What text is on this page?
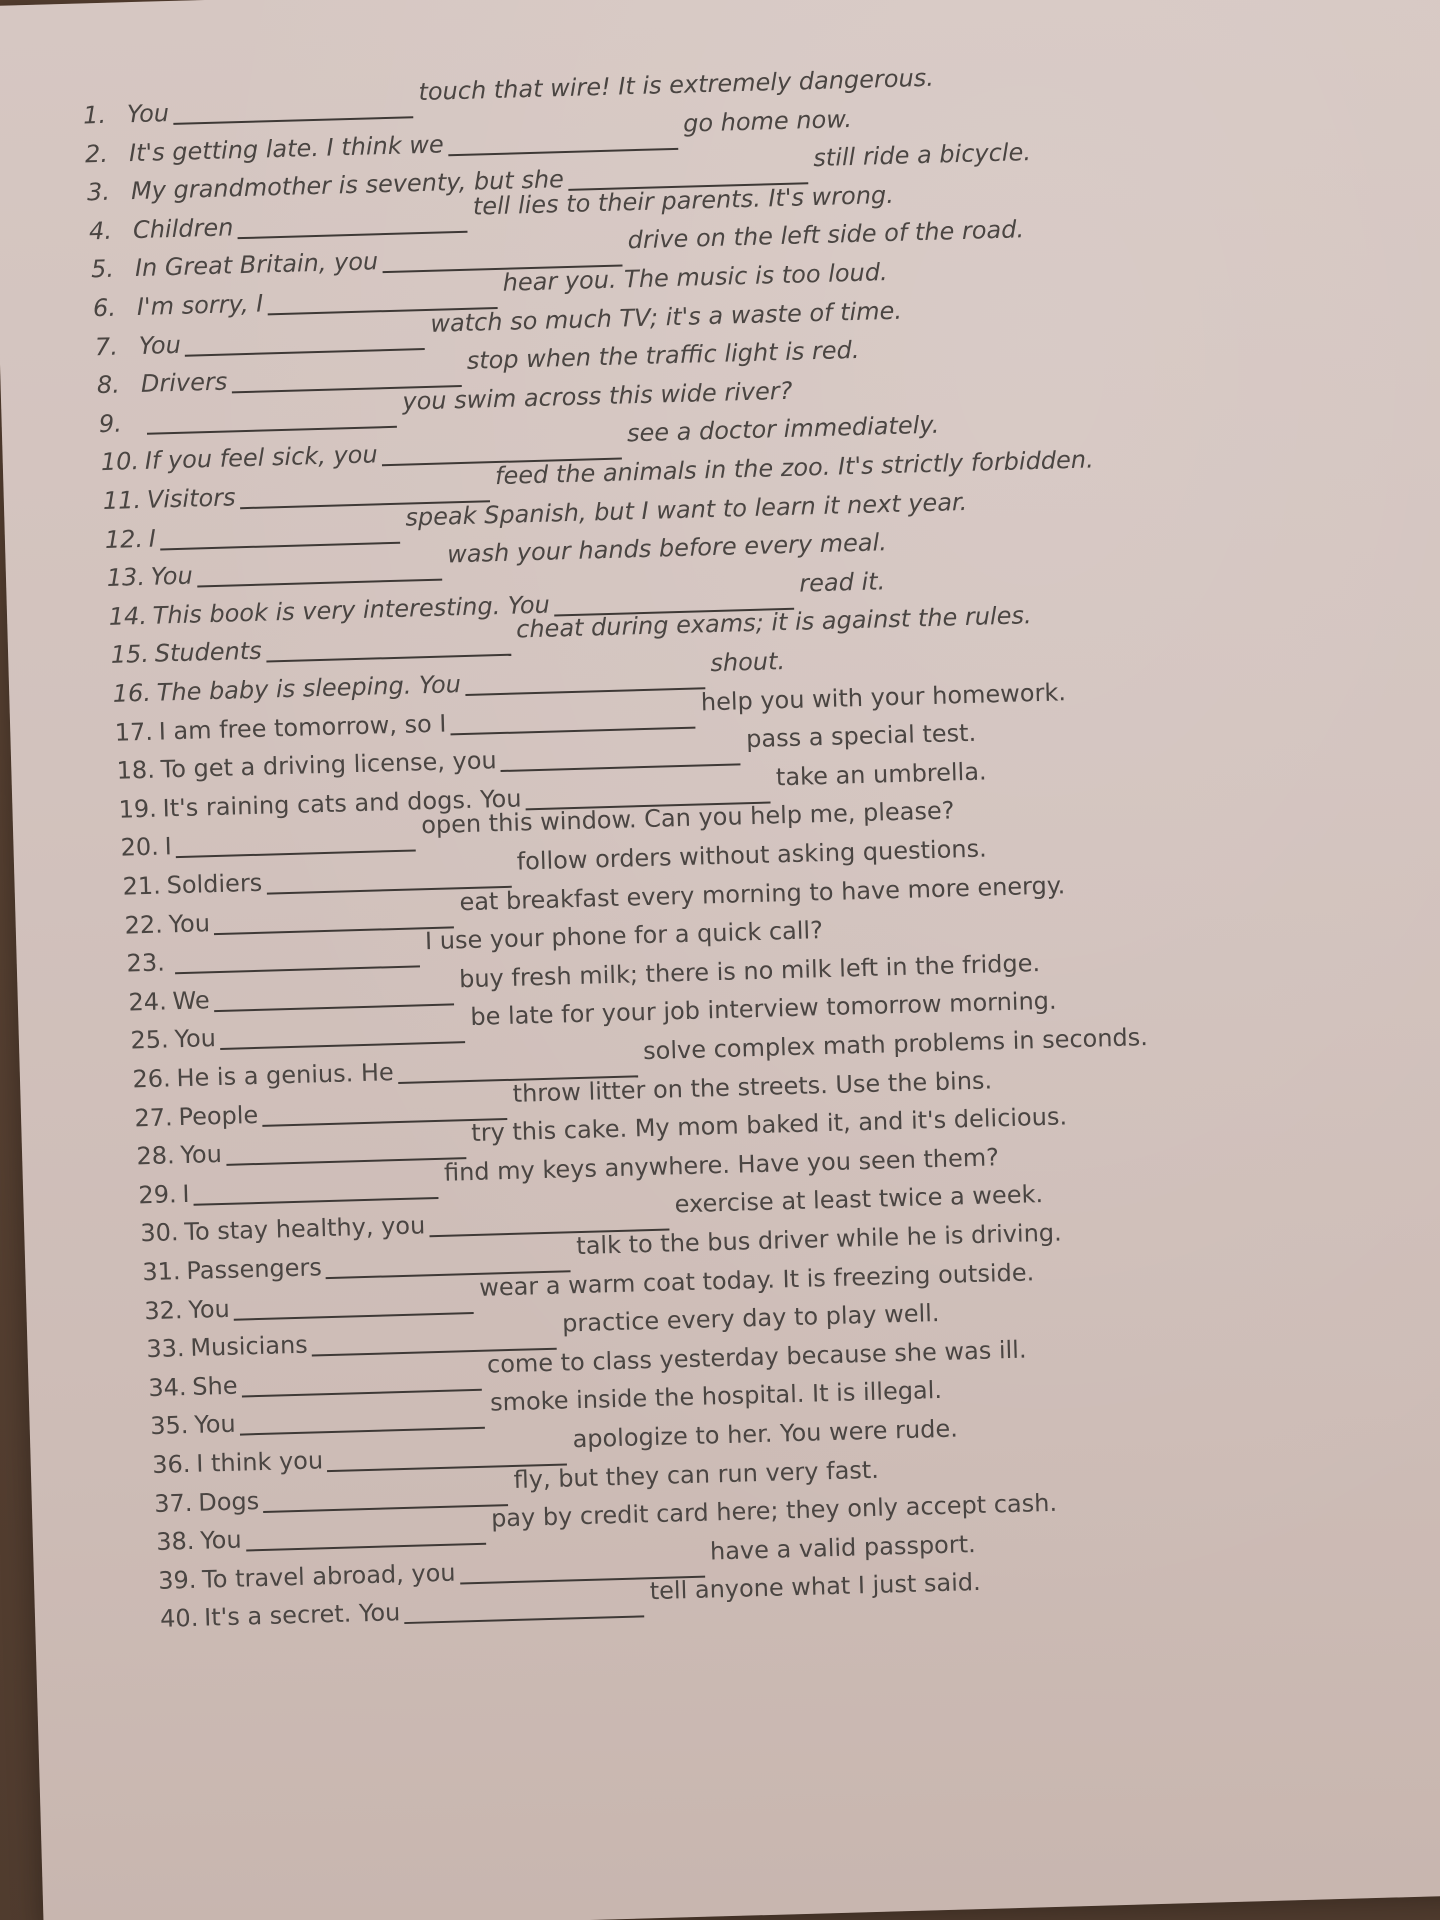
1. Youtouch that wire! It is extremely dangerous.
2. It's getting late. I think wego home now.
3. My grandmother is seventy, but shestill ride a bicycle.
4. Childrentell lies to their parents. It's wrong.
5. In Great Britain, youdrive on the left side of the road.
6. I'm sorry, Ihear you. The music is too loud.
7. Youwatch so much TV; it's a waste of time.
8. Driversstop when the traffic light is red.
9.you swim across this wide river?
10. If you feel sick, yousee a doctor immediately.
11. Visitorsfeed the animals in the zoo. It's strictly forbidden.
12. Ispeak Spanish, but I want to learn it next year.
13. Youwash your hands before every meal.
14. This book is very interesting. Youread it.
15. Studentscheat during exams; it is against the rules.
16. The baby is sleeping. Youshout.
17. I am free tomorrow, so Ihelp you with your homework.
18. To get a driving license, youpass a special test.
19. It's raining cats and dogs. Youtake an umbrella.
20. Iopen this window. Can you help me, please?
21. Soldiersfollow orders without asking questions.
22. Youeat breakfast every morning to have more energy.
23.I use your phone for a quick call?
24. Webuy fresh milk; there is no milk left in the fridge.
25. Yoube late for your job interview tomorrow morning.
26. He is a genius. Hesolve complex math problems in seconds.
27. Peoplethrow litter on the streets. Use the bins.
28. Youtry this cake. My mom baked it, and it's delicious.
29. Ifind my keys anywhere. Have you seen them?
30. To stay healthy, youexercise at least twice a week.
31. Passengerstalk to the bus driver while he is driving.
32. Youwear a warm coat today. It is freezing outside.
33. Musicianspractice every day to play well.
34. Shecome to class yesterday because she was ill.
35. Yousmoke inside the hospital. It is illegal.
36. I think youapologize to her. You were rude.
37. Dogsfly, but they can run very fast.
38. Youpay by credit card here; they only accept cash.
39. To travel abroad, youhave a valid passport.
40. It's a secret. Youtell anyone what I just said.
